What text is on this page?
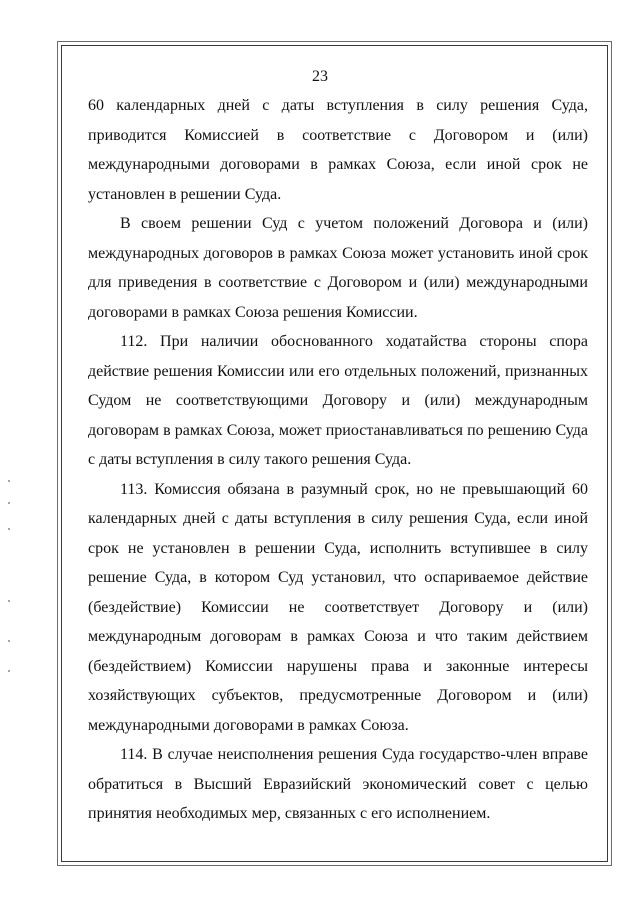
23

60 календарных дней с даты вступления в силу решения Суда, приводится Комиссией в соответствие с Договором и (или) международными договорами в рамках Союза, если иной срок не установлен в решении Суда.

В своем решении Суд с учетом положений Договора и (или) международных договоров в рамках Союза может установить иной срок для приведения в соответствие с Договором и (или) международными договорами в рамках Союза решения Комиссии.

112. При наличии обоснованного ходатайства стороны спора действие решения Комиссии или его отдельных положений, признанных Судом не соответствующими Договору и (или) международным договорам в рамках Союза, может приостанавливаться по решению Суда с даты вступления в силу такого решения Суда.

113. Комиссия обязана в разумный срок, но не превышающий 60 календарных дней с даты вступления в силу решения Суда, если иной срок не установлен в решении Суда, исполнить вступившее в силу решение Суда, в котором Суд установил, что оспариваемое действие (бездействие) Комиссии не соответствует Договору и (или) международным договорам в рамках Союза и что таким действием (бездействием) Комиссии нарушены права и законные интересы хозяйствующих субъектов, предусмотренные Договором и (или) международными договорами в рамках Союза.

114. В случае неисполнения решения Суда государство-член вправе обратиться в Высший Евразийский экономический совет с целью принятия необходимых мер, связанных с его исполнением.
